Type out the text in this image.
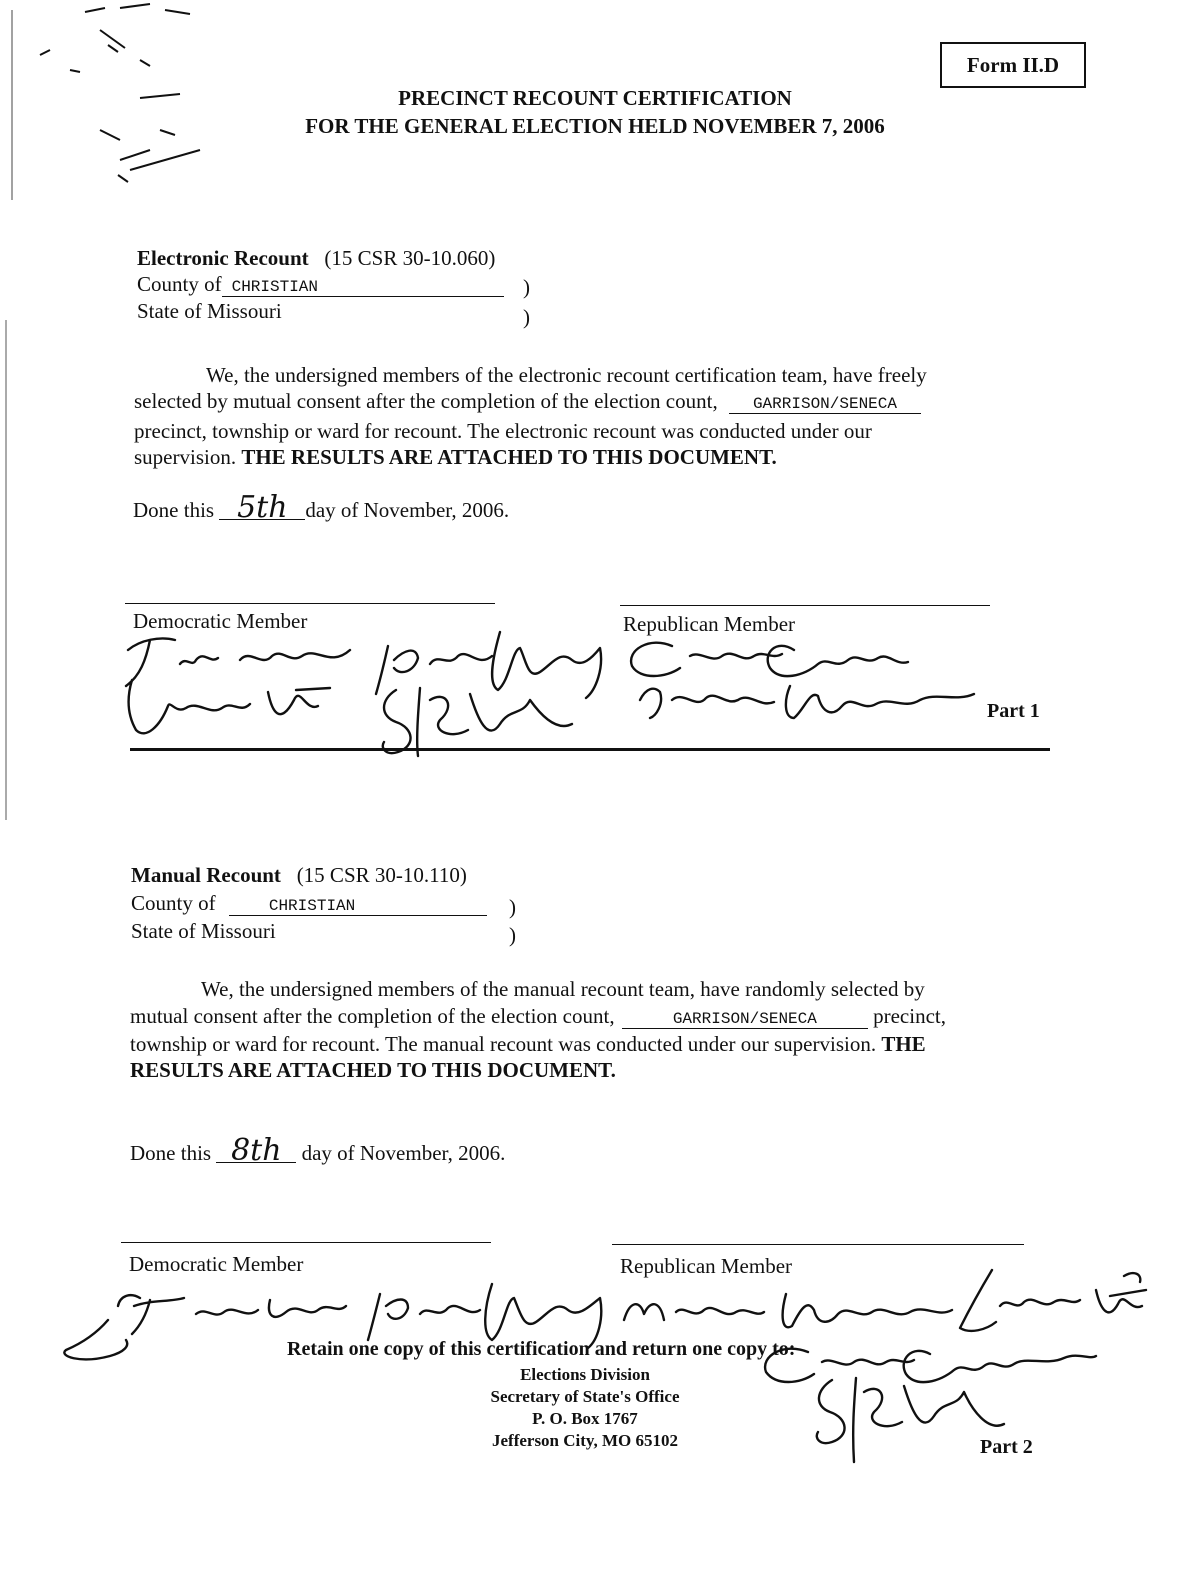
Form II.D
PRECINCT RECOUNT CERTIFICATION
FOR THE GENERAL ELECTION HELD NOVEMBER 7, 2006
Electronic Recount (15 CSR 30-10.060)
County of CHRISTIAN	)
State of Missouri	)
We, the undersigned members of the electronic recount certification team, have freely
selected by mutual consent after the completion of the election count, GARRISON/SENECA
precinct, township or ward for recount. The electronic recount was conducted under our
supervision. THE RESULTS ARE ATTACHED TO THIS DOCUMENT.
Done this 5th day of November, 2006.
Democratic Member	Republican Member
Part 1
Manual Recount (15 CSR 30-10.110)
County of	CHRISTIAN	)
State of Missouri	)
We, the undersigned members of the manual recount team, have randomly selected by
mutual consent after the completion of the election count,	GARRISON/SENECA	precinct,
township or ward for recount. The manual recount was conducted under our supervision. THE
RESULTS ARE ATTACHED TO THIS DOCUMENT.
Done this 8th day of November, 2006.
Democratic Member	Republican Member
Retain one copy of this certification and return one copy to:
Elections Division
Secretary of State's Office
P. O. Box 1767
Jefferson City, MO 65102	Part 2
